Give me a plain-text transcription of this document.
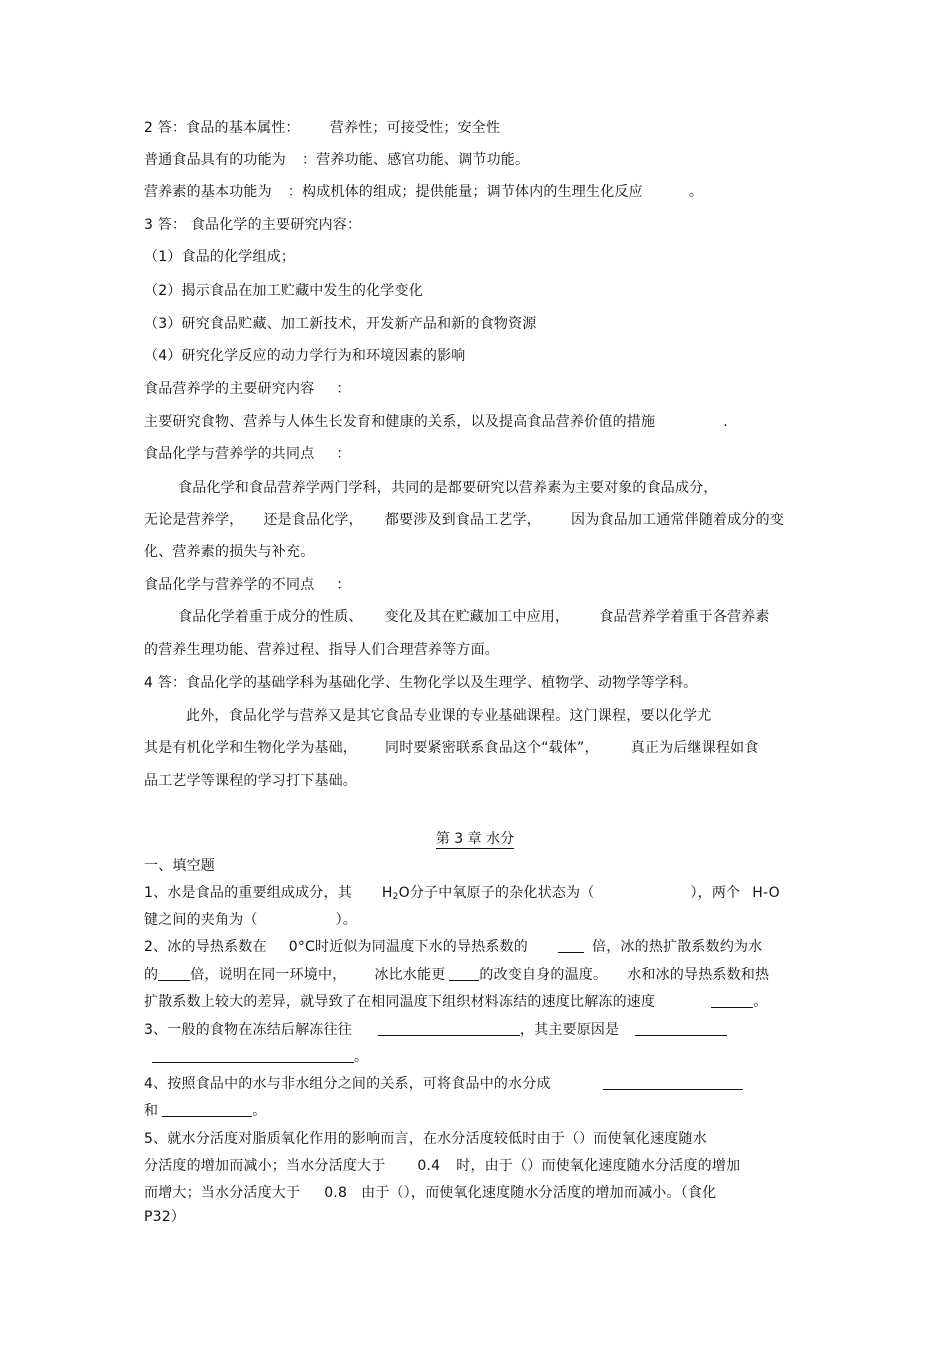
2 答：食品的基本属性： 营养性；可接受性；安全性
普通食品具有的功能为 ：营养功能、感官功能、调节功能。
营养素的基本功能为 ：构成机体的组成；提供能量；调节体内的生理生化反应	。
3 答： 食品化学的主要研究内容：
（1）食品的化学组成；
（2）揭示食品在加工贮藏中发生的化学变化
（3）研究食品贮藏、加工新技术，开发新产品和新的食物资源
（4）研究化学反应的动力学行为和环境因素的影响
食品营养学的主要研究内容 ：
主要研究食物、营养与人体生长发育和健康的关系，以及提高食品营养价值的措施	.
食品化学与营养学的共同点 ：
食品化学和食品营养学两门学科，共同的是都要研究以营养素为主要对象的食品成分，
无论是营养学， 还是食品化学， 都要涉及到食品工艺学， 因为食品加工通常伴随着成分的变
化、营养素的损失与补充。
食品化学与营养学的不同点 ：
食品化学着重于成分的性质、 变化及其在贮藏加工中应用， 食品营养学着重于各营养素
的营养生理功能、营养过程、指导人们合理营养等方面。
4 答：食品化学的基础学科为基础化学、生物化学以及生理学、植物学、动物学等学科。
此外，食品化学与营养又是其它食品专业课的专业基础课程。这门课程，要以化学尤
其是有机化学和生物化学为基础， 同时要紧密联系食品这个“载体”， 真正为后继课程如食
品工艺学等课程的学习打下基础。
第 3 章 水分
一、填空题
1、水是食品的重要组成成分，其 $H_2O$分子中氧原子的杂化状态为（	），两个 H-O
键之间的夹角为（	）。
2、冰的导热系数在 0°C时近似为同温度下水的导热系数的	倍，冰的热扩散系数约为水
的 倍，说明在同一环境中， 冰比水能更 的改变自身的温度。 水和冰的导热系数和热
扩散系数上较大的差异，就导致了在相同温度下组织材料冻结的速度比解冻的速度	。
3、一般的食物在冻结后解冻往往	，其主要原因是
。
4、按照食品中的水与非水组分之间的关系，可将食品中的水分成
和	。
5、就水分活度对脂质氧化作用的影响而言，在水分活度较低时由于（）而使氧化速度随水
分活度的增加而减小；当水分活度大于 0.4 时，由于（）而使氧化速度随水分活度的增加
而增大；当水分活度大于 0.8 由于（），而使氧化速度随水分活度的增加而减小。（食化
P32）
